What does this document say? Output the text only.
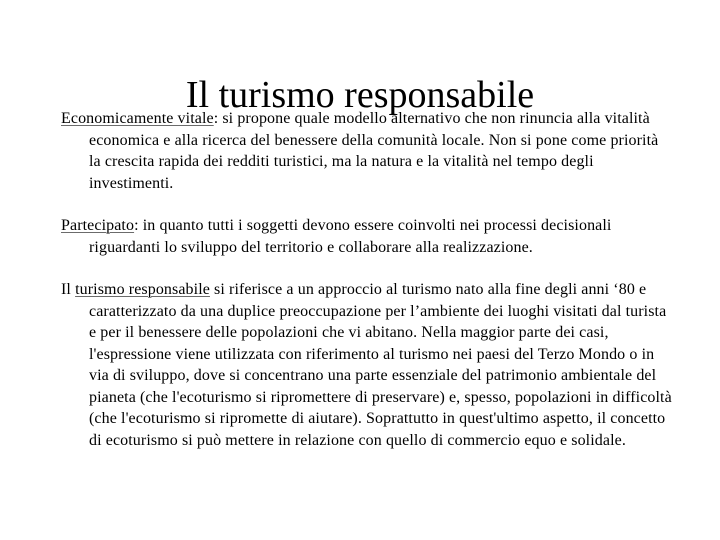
Il turismo responsabile

Economicamente vitale: si propone quale modello alternativo che non rinuncia alla vitalità economica e alla ricerca del benessere della comunità locale. Non si pone come priorità la crescita rapida dei redditi turistici, ma la natura e la vitalità nel tempo degli investimenti.

Partecipato: in quanto tutti i soggetti devono essere coinvolti nei processi decisionali riguardanti lo sviluppo del territorio e collaborare alla realizzazione.

Il turismo responsabile si riferisce a un approccio al turismo nato alla fine degli anni ‘80 e caratterizzato da una duplice preoccupazione per l’ambiente dei luoghi visitati dal turista e per il benessere delle popolazioni che vi abitano. Nella maggior parte dei casi, l'espressione viene utilizzata con riferimento al turismo nei paesi del Terzo Mondo o in via di sviluppo, dove si concentrano una parte essenziale del patrimonio ambientale del pianeta (che l'ecoturismo si ripromettere di preservare) e, spesso, popolazioni in difficoltà (che l'ecoturismo si ripromette di aiutare). Soprattutto in quest'ultimo aspetto, il concetto di ecoturismo si può mettere in relazione con quello di commercio equo e solidale.
